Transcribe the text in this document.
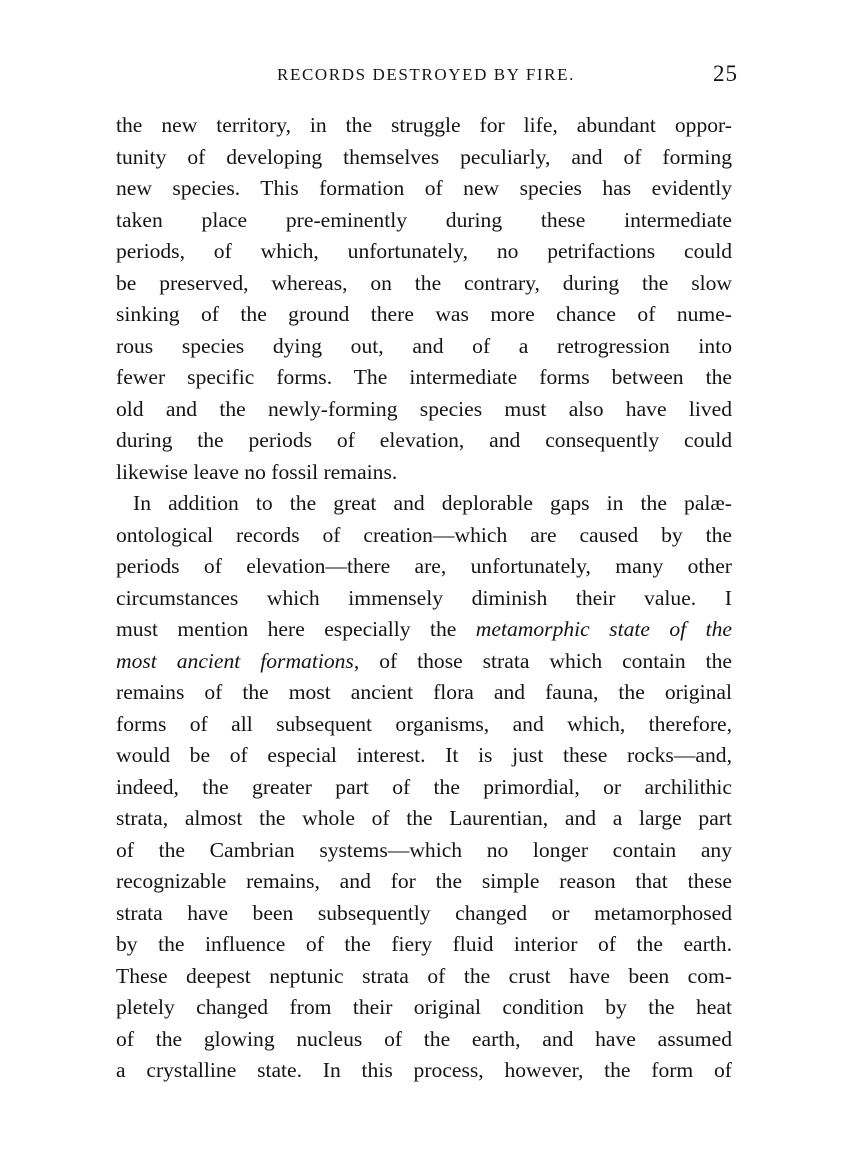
RECORDS DESTROYED BY FIRE.	25
the new territory, in the struggle for life, abundant oppor-
tunity of developing themselves peculiarly, and of forming
new species. This formation of new species has evidently
taken place pre-eminently during these intermediate
periods, of which, unfortunately, no petrifactions could
be preserved, whereas, on the contrary, during the slow
sinking of the ground there was more chance of nume-
rous species dying out, and of a retrogression into
fewer specific forms. The intermediate forms between the
old and the newly-forming species must also have lived
during the periods of elevation, and consequently could
likewise leave no fossil remains.
In addition to the great and deplorable gaps in the palæ-
ontological records of creation—which are caused by the
periods of elevation—there are, unfortunately, many other
circumstances which immensely diminish their value. I
must mention here especially the metamorphic state of the
most ancient formations, of those strata which contain the
remains of the most ancient flora and fauna, the original
forms of all subsequent organisms, and which, therefore,
would be of especial interest. It is just these rocks—and,
indeed, the greater part of the primordial, or archilithic
strata, almost the whole of the Laurentian, and a large part
of the Cambrian systems—which no longer contain any
recognizable remains, and for the simple reason that these
strata have been subsequently changed or metamorphosed
by the influence of the fiery fluid interior of the earth.
These deepest neptunic strata of the crust have been com-
pletely changed from their original condition by the heat
of the glowing nucleus of the earth, and have assumed
a crystalline state. In this process, however, the form of
